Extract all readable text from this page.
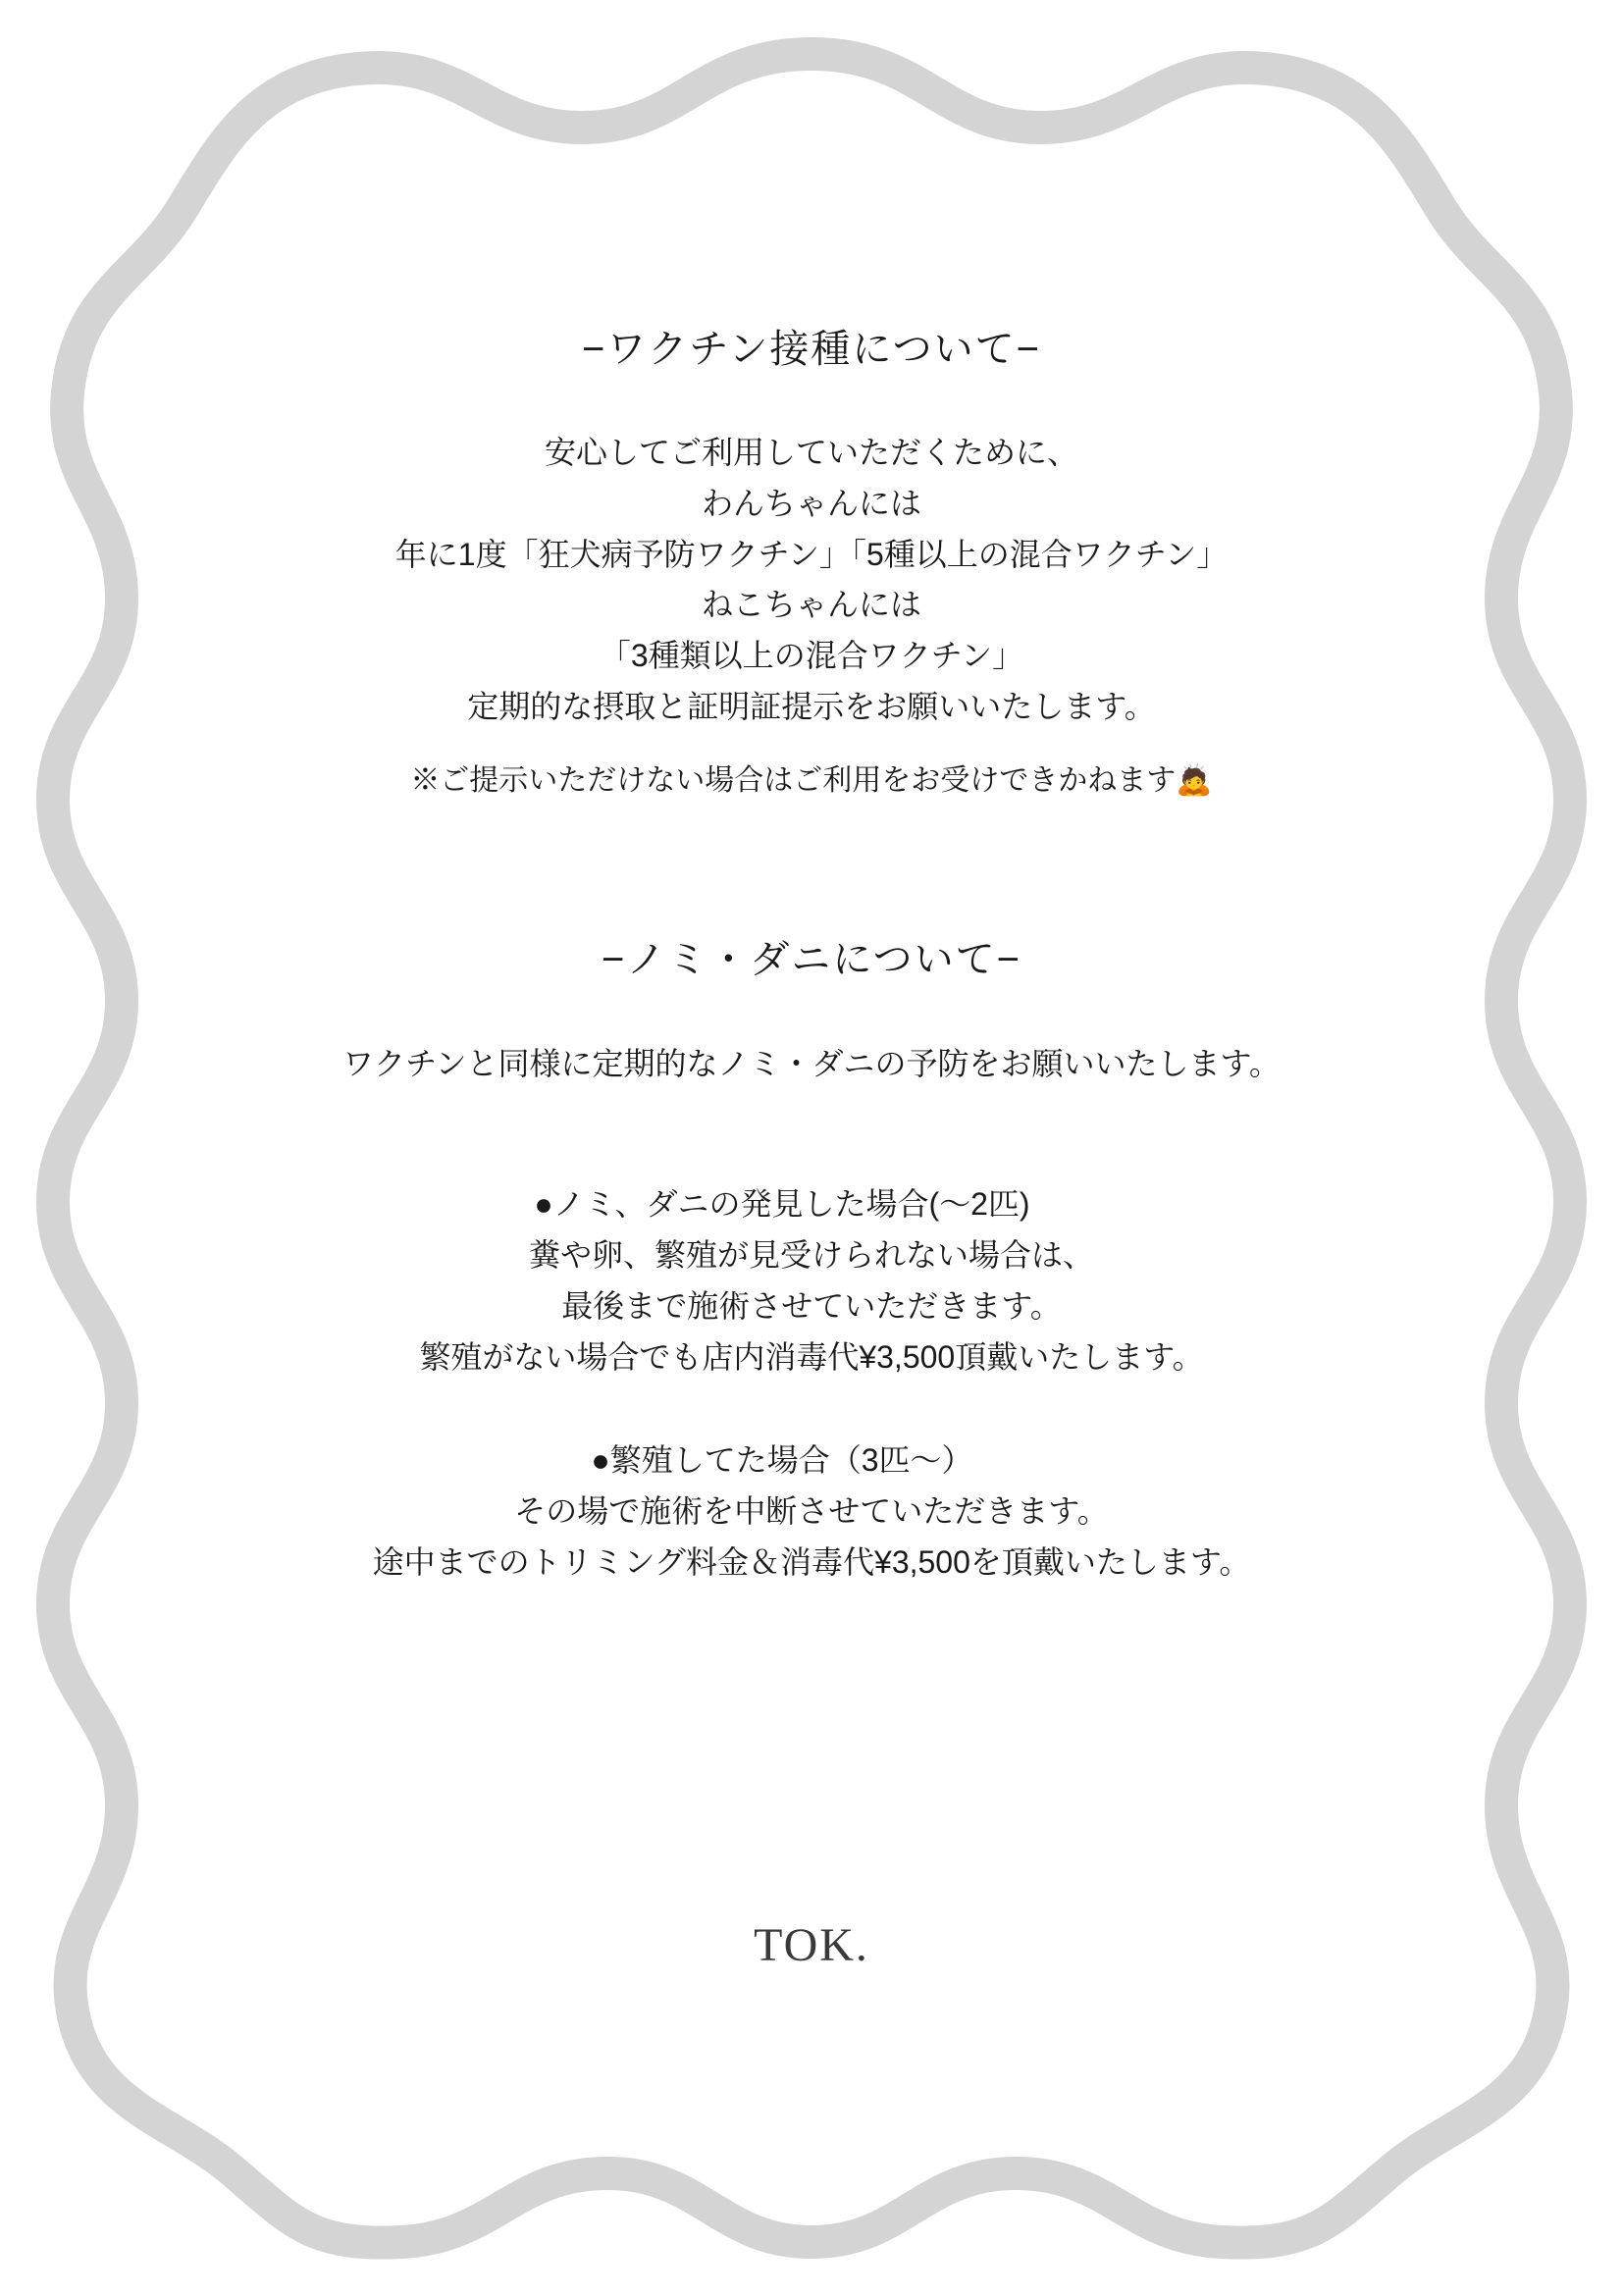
−ワクチン接種について−

安心してご利用していただくために、
わんちゃんには
年に1度「狂犬病予防ワクチン」「5種以上の混合ワクチン」
ねこちゃんには
「3種類以上の混合ワクチン」
定期的な摂取と証明証提示をお願いいたします。

※ご提示いただけない場合はご利用をお受けできかねます🙇

−ノミ・ダニについて−

ワクチンと同様に定期的なノミ・ダニの予防をお願いいたします。

●ノミ、ダニの発見した場合(〜2匹)
糞や卵、繁殖が見受けられない場合は、
最後まで施術させていただきます。
繁殖がない場合でも店内消毒代¥3,500頂戴いたします。

●繁殖してた場合（3匹〜）
その場で施術を中断させていただきます。
途中までのトリミング料金＆消毒代¥3,500を頂戴いたします。

TOK.
